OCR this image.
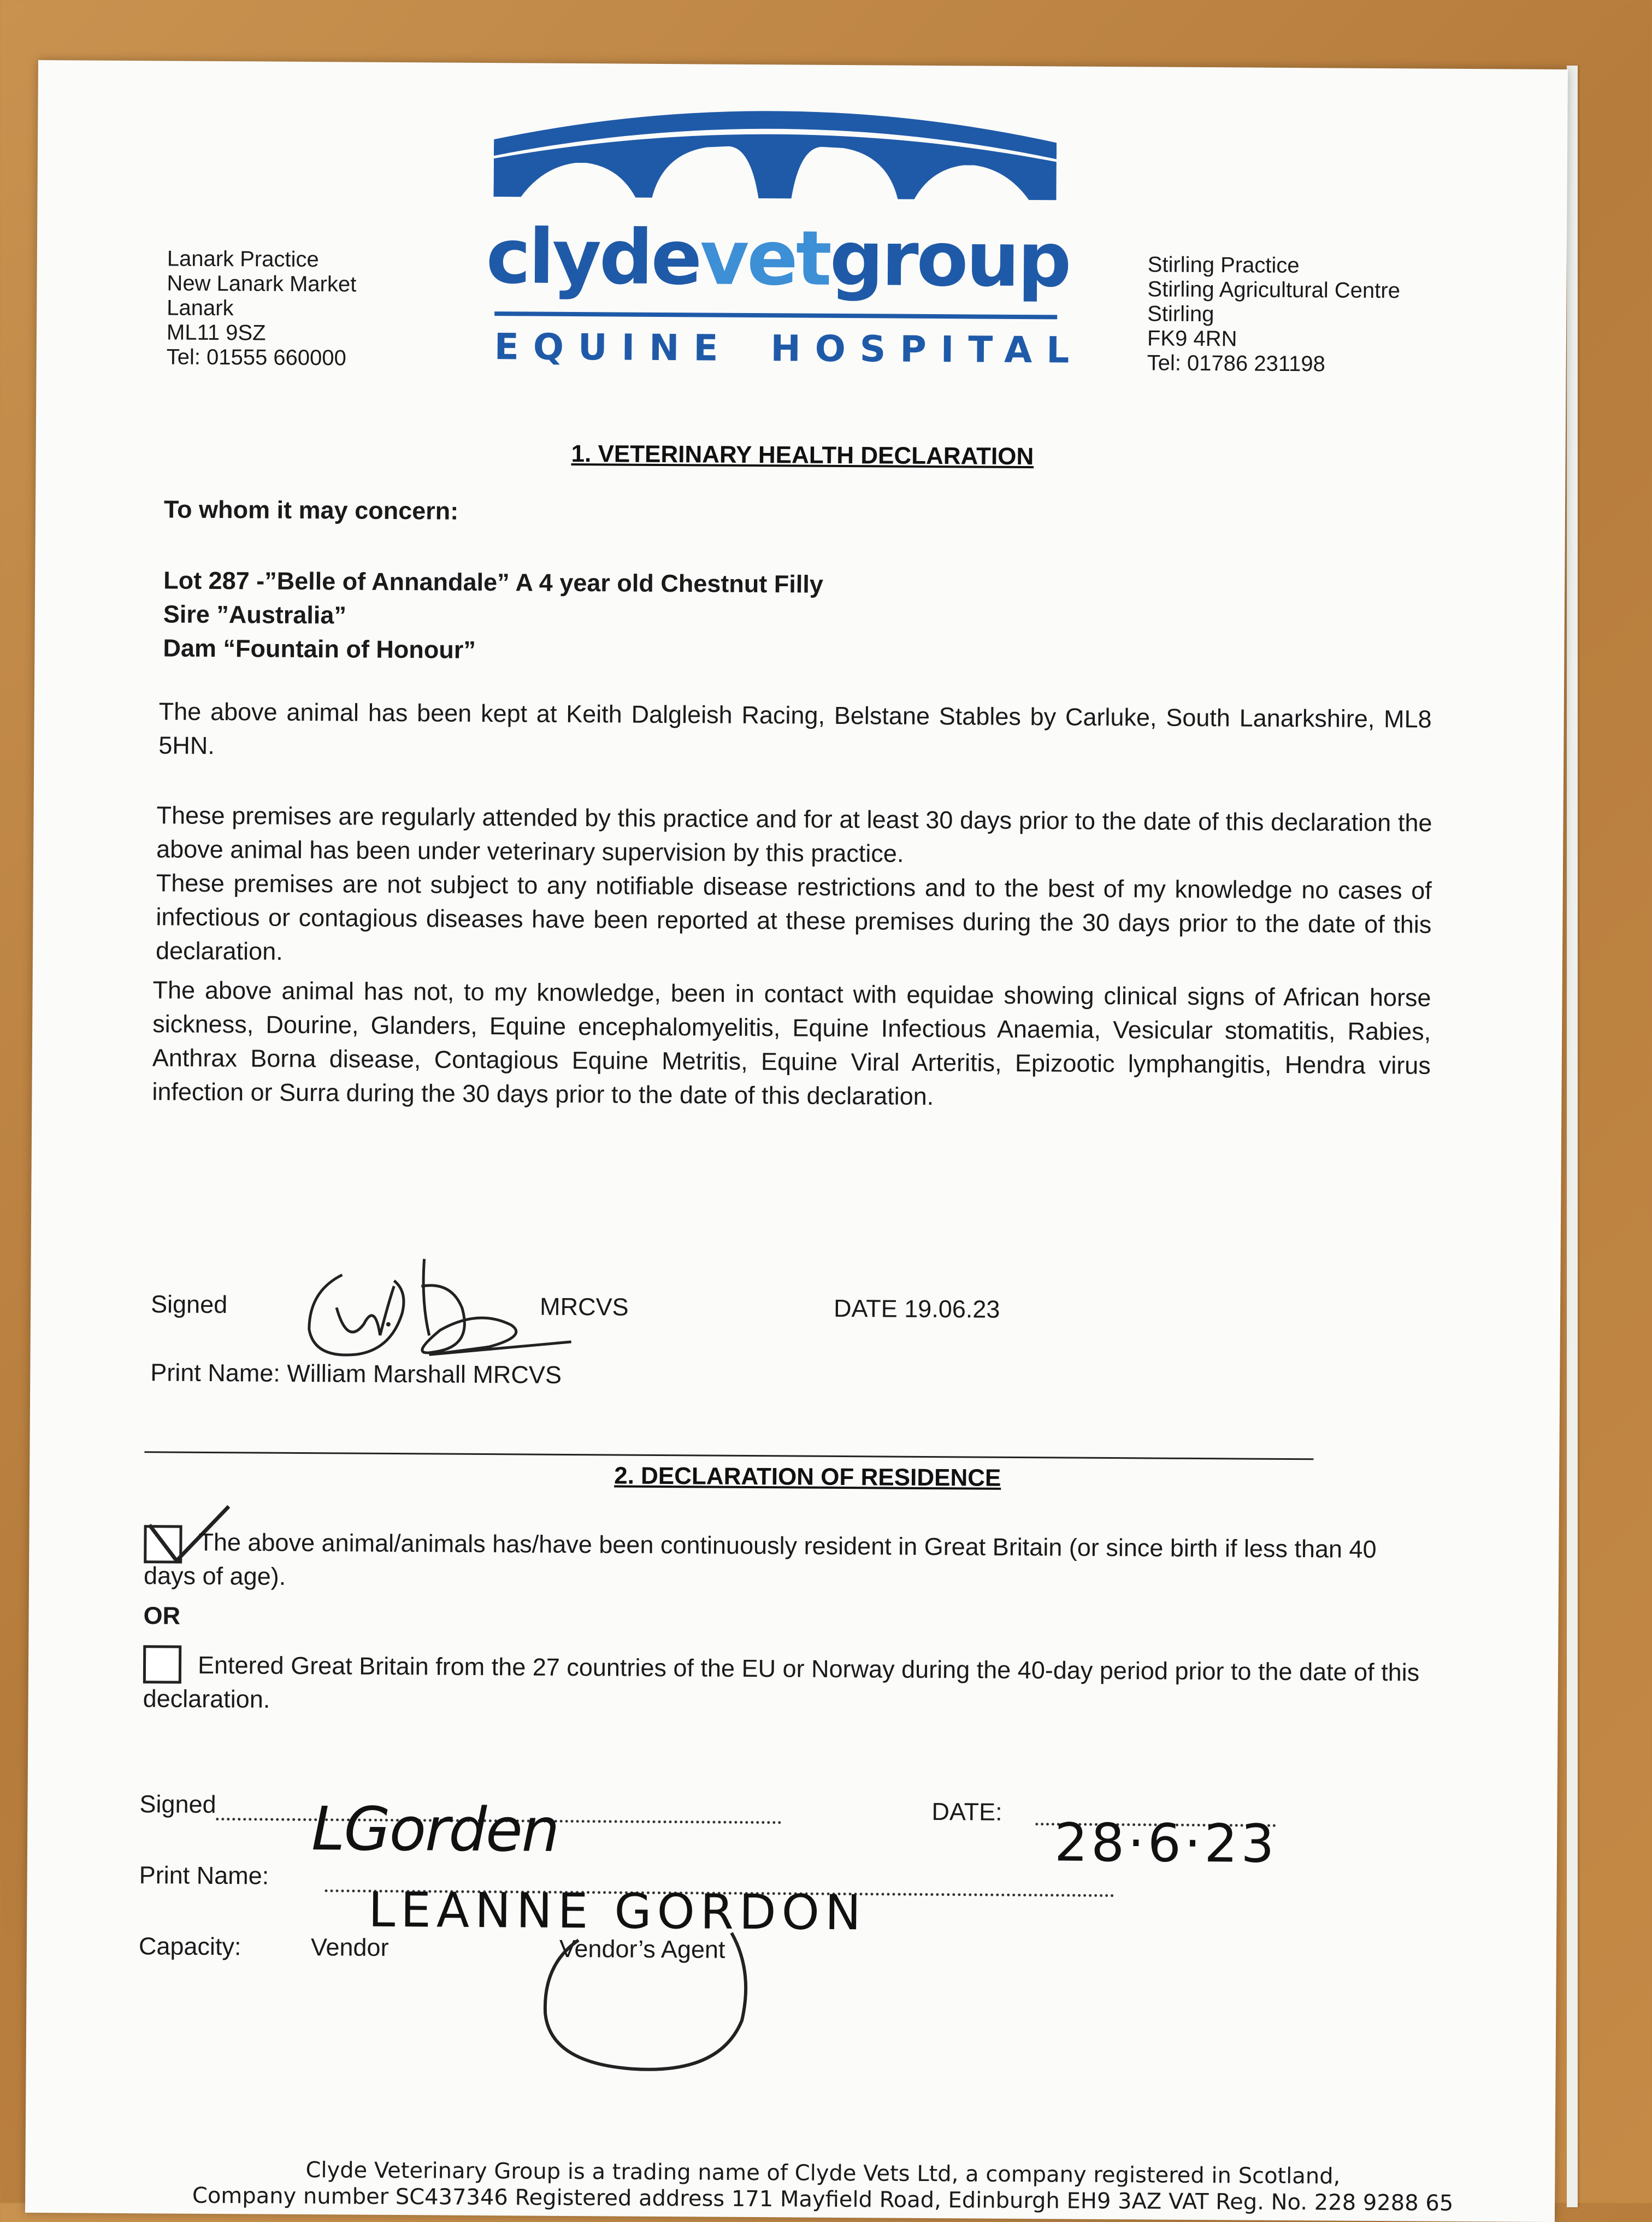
Lanark Practice
New Lanark Market
Lanark
ML11 9SZ
Tel: 01555 660000
clydevetgroup
EQUINE HOSPITAL
Stirling Practice
Stirling Agricultural Centre
Stirling
FK9 4RN
Tel: 01786 231198
1. VETERINARY HEALTH DECLARATION
To whom it may concern:
Lot 287 -”Belle of Annandale” A 4 year old Chestnut Filly
Sire ”Australia”
Dam “Fountain of Honour”
The above animal has been kept at Keith Dalgleish Racing, Belstane Stables by Carluke, South Lanarkshire, ML8 5HN.
These premises are regularly attended by this practice and for at least 30 days prior to the date of this declaration the above animal has been under veterinary supervision by this practice.
These premises are not subject to any notifiable disease restrictions and to the best of my knowledge no cases of infectious or contagious diseases have been reported at these premises during the 30 days prior to the date of this declaration.
The above animal has not, to my knowledge, been in contact with equidae showing clinical signs of African horse sickness, Dourine, Glanders, Equine encephalomyelitis, Equine Infectious Anaemia, Vesicular stomatitis, Rabies, Anthrax Borna disease, Contagious Equine Metritis, Equine Viral Arteritis, Epizootic lymphangitis, Hendra virus infection or Surra during the 30 days prior to the date of this declaration.
Signed	MRCVS	DATE 19.06.23
Print Name: William Marshall MRCVS
2. DECLARATION OF RESIDENCE
The above animal/animals has/have been continuously resident in Great Britain (or since birth if less than 40 days of age).
OR
Entered Great Britain from the 27 countries of the EU or Norway during the 40-day period prior to the date of this declaration.
Signed LGorden	DATE:
28·6·23
Print Name:
LEANNE GORDON
Capacity:	Vendor	Vendor’s Agent
Clyde Veterinary Group is a trading name of Clyde Vets Ltd, a company registered in Scotland,
Company number SC437346 Registered address 171 Mayfield Road, Edinburgh EH9 3AZ VAT Reg. No. 228 9288 65
